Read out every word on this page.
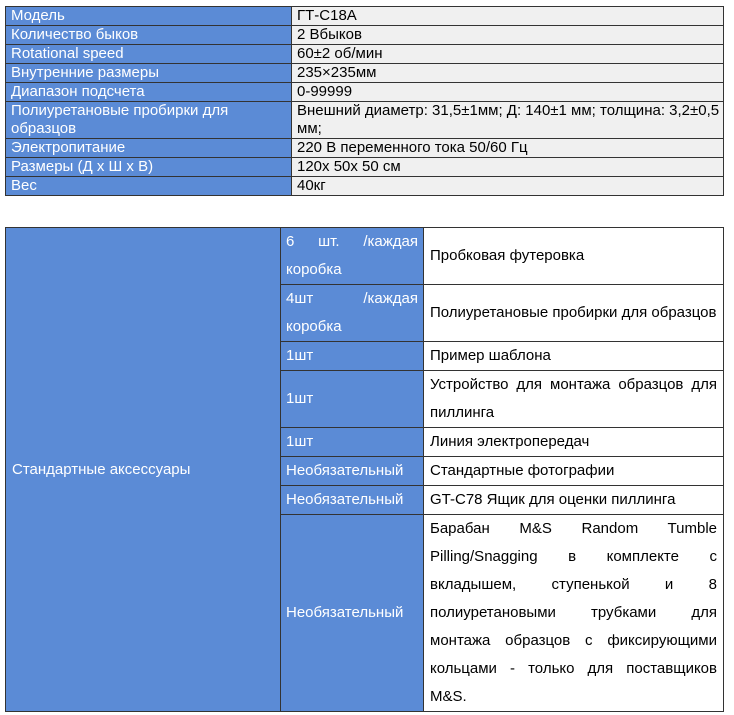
Модель	ГТ-C18A
Количество быков	2 Вбыков
Rotational speed	60±2 об/мин
Внутренние размеры	235×235мм
Диапазон подсчета	0-99999
Полиуретановые пробирки для образцов	Внешний диаметр: 31,5±1мм; Д: 140±1 мм; толщина: 3,2±0,5 мм;
Электропитание	220 В переменного тока 50/60 Гц
Размеры (Д х Ш х В)	120x 50x 50 см
Вес	40кг
Стандартные аксессуары	6 шт. /каждая коробка	Пробковая футеровка
	4шт /каждая коробка	Полиуретановые пробирки для образцов
	1шт	Пример шаблона
	1шт	Устройство для монтажа образцов для пиллинга
	1шт	Линия электропередач
	Необязательный	Стандартные фотографии
	Необязательный	GT-C78 Ящик для оценки пиллинга
	Необязательный	Барабан M&S Random Tumble Pilling/Snagging в комплекте с вкладышем, ступенькой и 8 полиуретановыми трубками для монтажа образцов с фиксирующими кольцами - только для поставщиков M&S.
